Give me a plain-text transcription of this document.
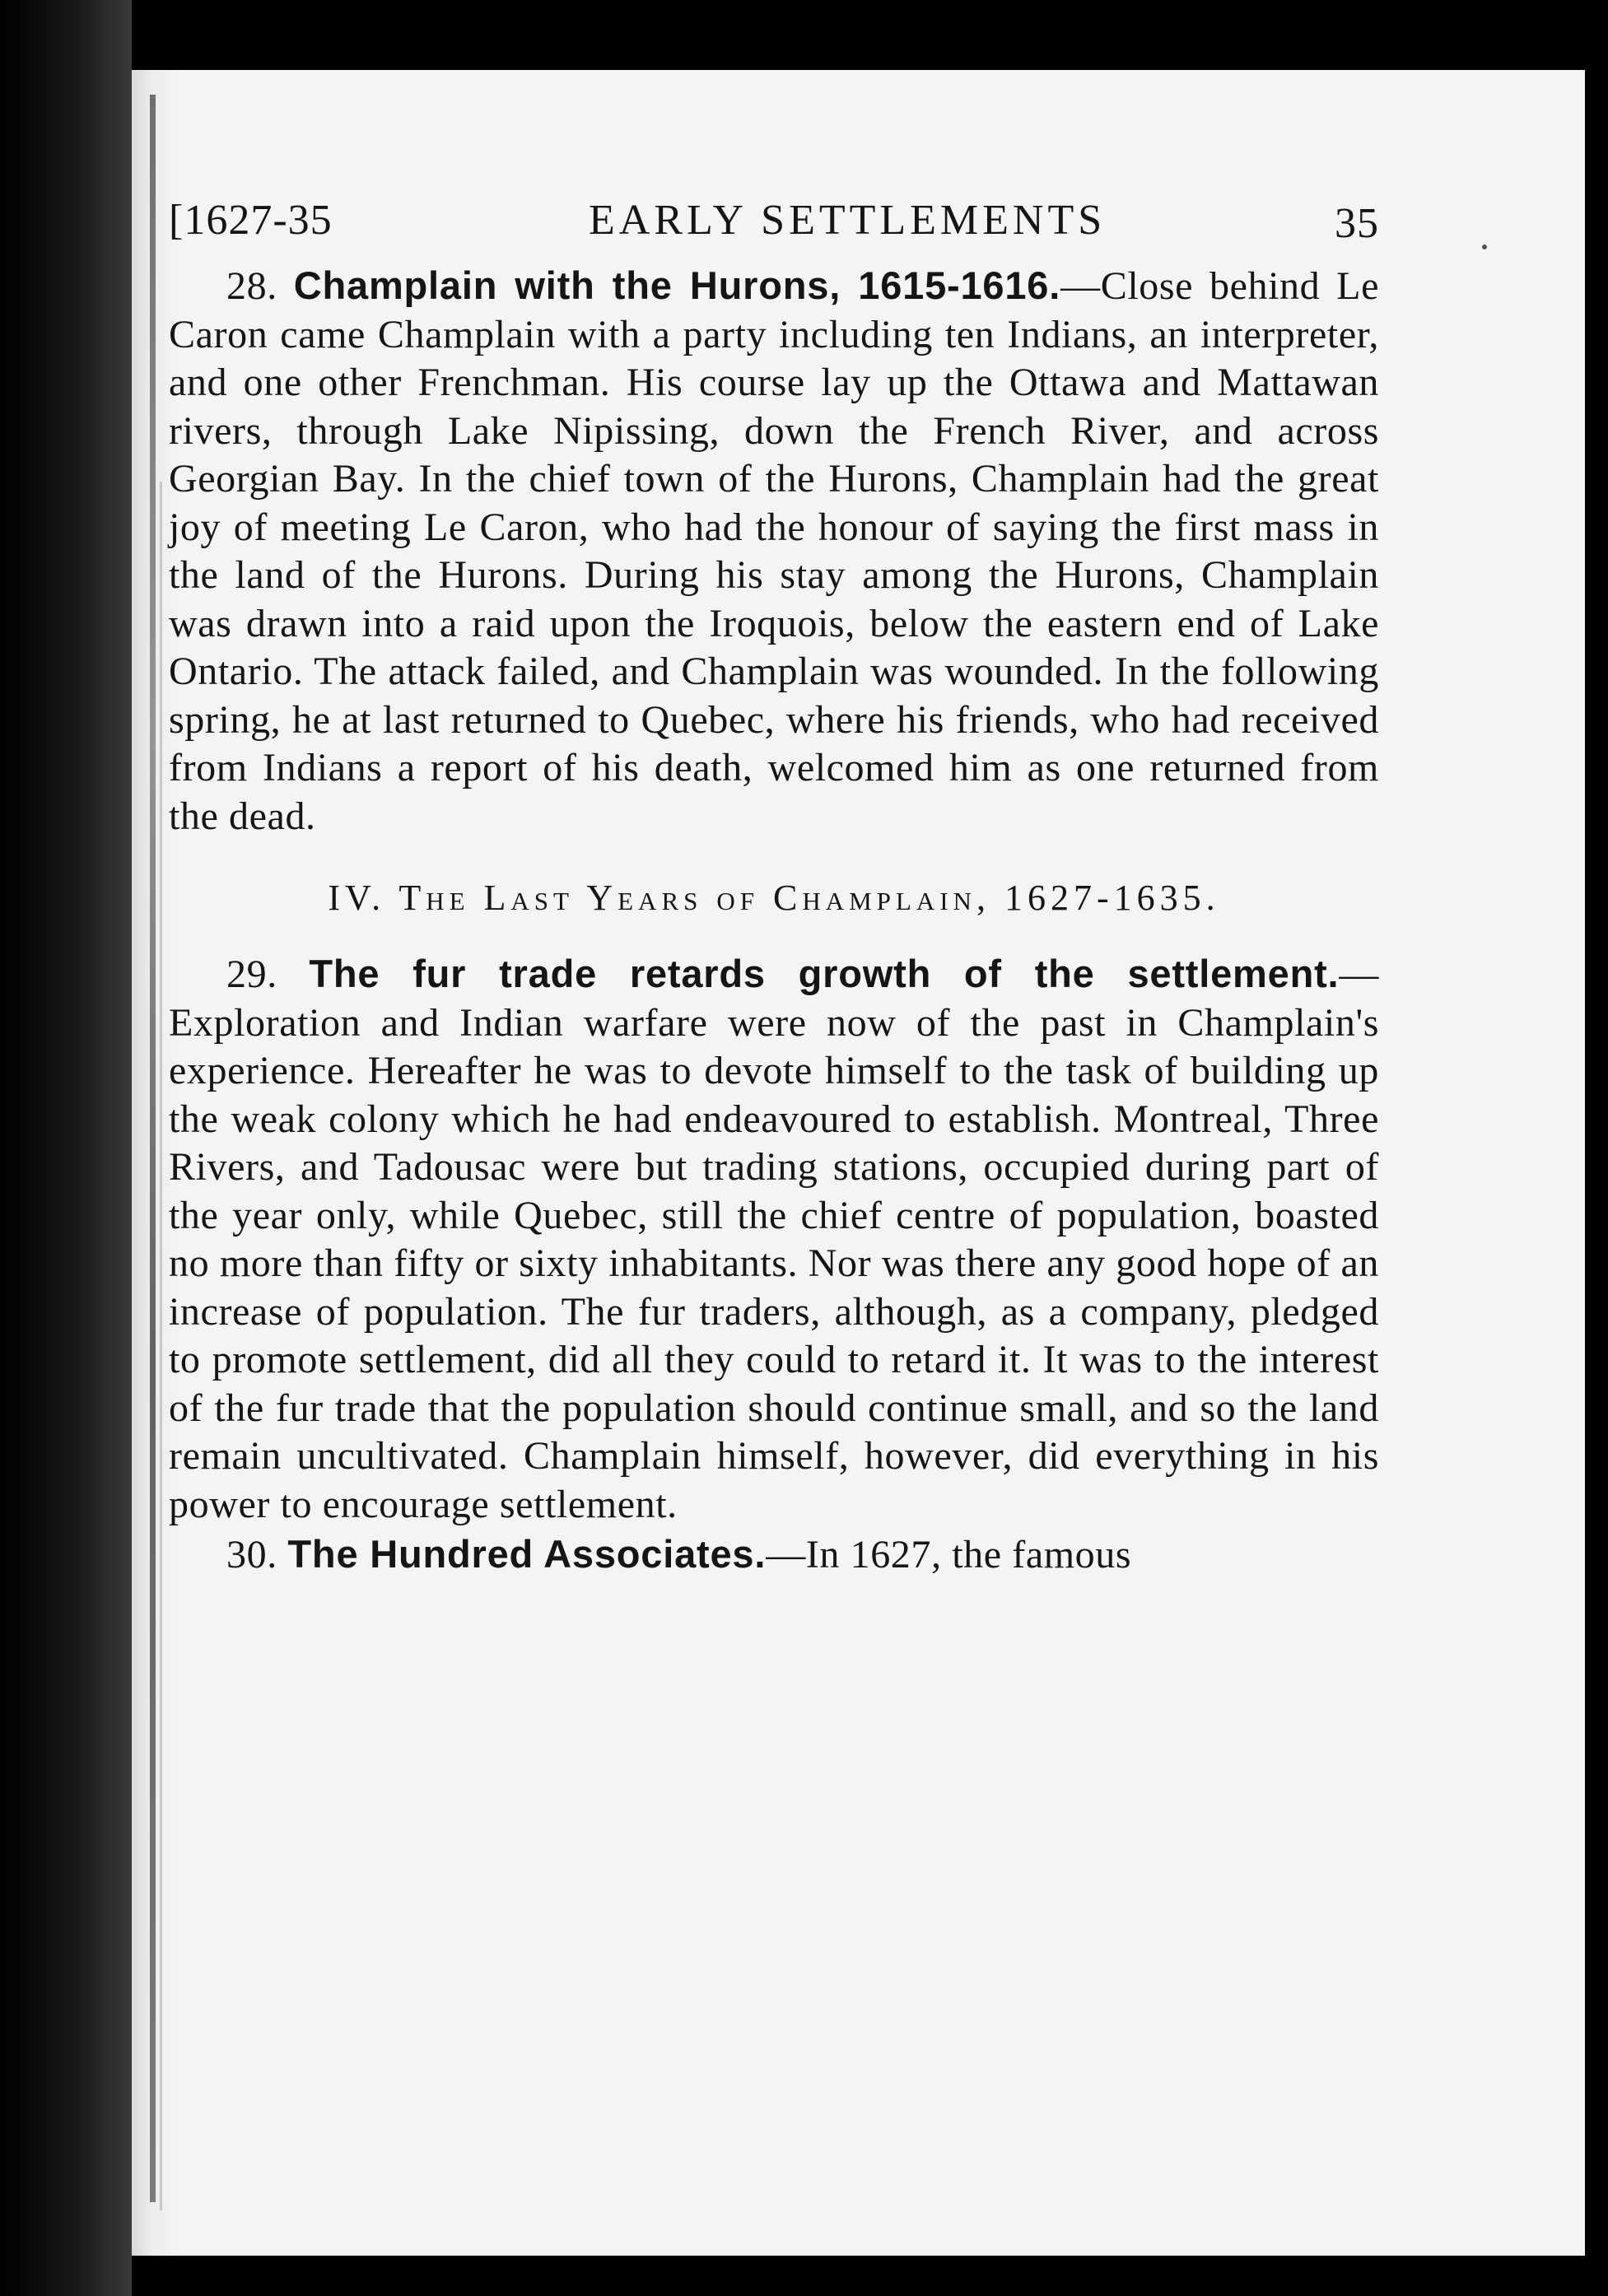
[1627-35	EARLY SETTLEMENTS	35

28. Champlain with the Hurons, 1615-1616.—Close behind Le Caron came Champlain with a party including ten Indians, an interpreter, and one other Frenchman. His course lay up the Ottawa and Mattawan rivers, through Lake Nipissing, down the French River, and across Georgian Bay. In the chief town of the Hurons, Champlain had the great joy of meeting Le Caron, who had the honour of saying the first mass in the land of the Hurons. During his stay among the Hurons, Champlain was drawn into a raid upon the Iroquois, below the eastern end of Lake Ontario. The attack failed, and Champlain was wounded. In the following spring, he at last returned to Quebec, where his friends, who had received from Indians a report of his death, welcomed him as one returned from the dead.

IV. The Last Years of Champlain, 1627-1635.

29. The fur trade retards growth of the settlement.—Exploration and Indian warfare were now of the past in Champlain's experience. Hereafter he was to devote himself to the task of building up the weak colony which he had endeavoured to establish. Montreal, Three Rivers, and Tadousac were but trading stations, occupied during part of the year only, while Quebec, still the chief centre of population, boasted no more than fifty or sixty inhabitants. Nor was there any good hope of an increase of population. The fur traders, although, as a company, pledged to promote settlement, did all they could to retard it. It was to the interest of the fur trade that the population should continue small, and so the land remain uncultivated. Champlain himself, however, did everything in his power to encourage settlement.

30. The Hundred Associates.—In 1627, the famous
